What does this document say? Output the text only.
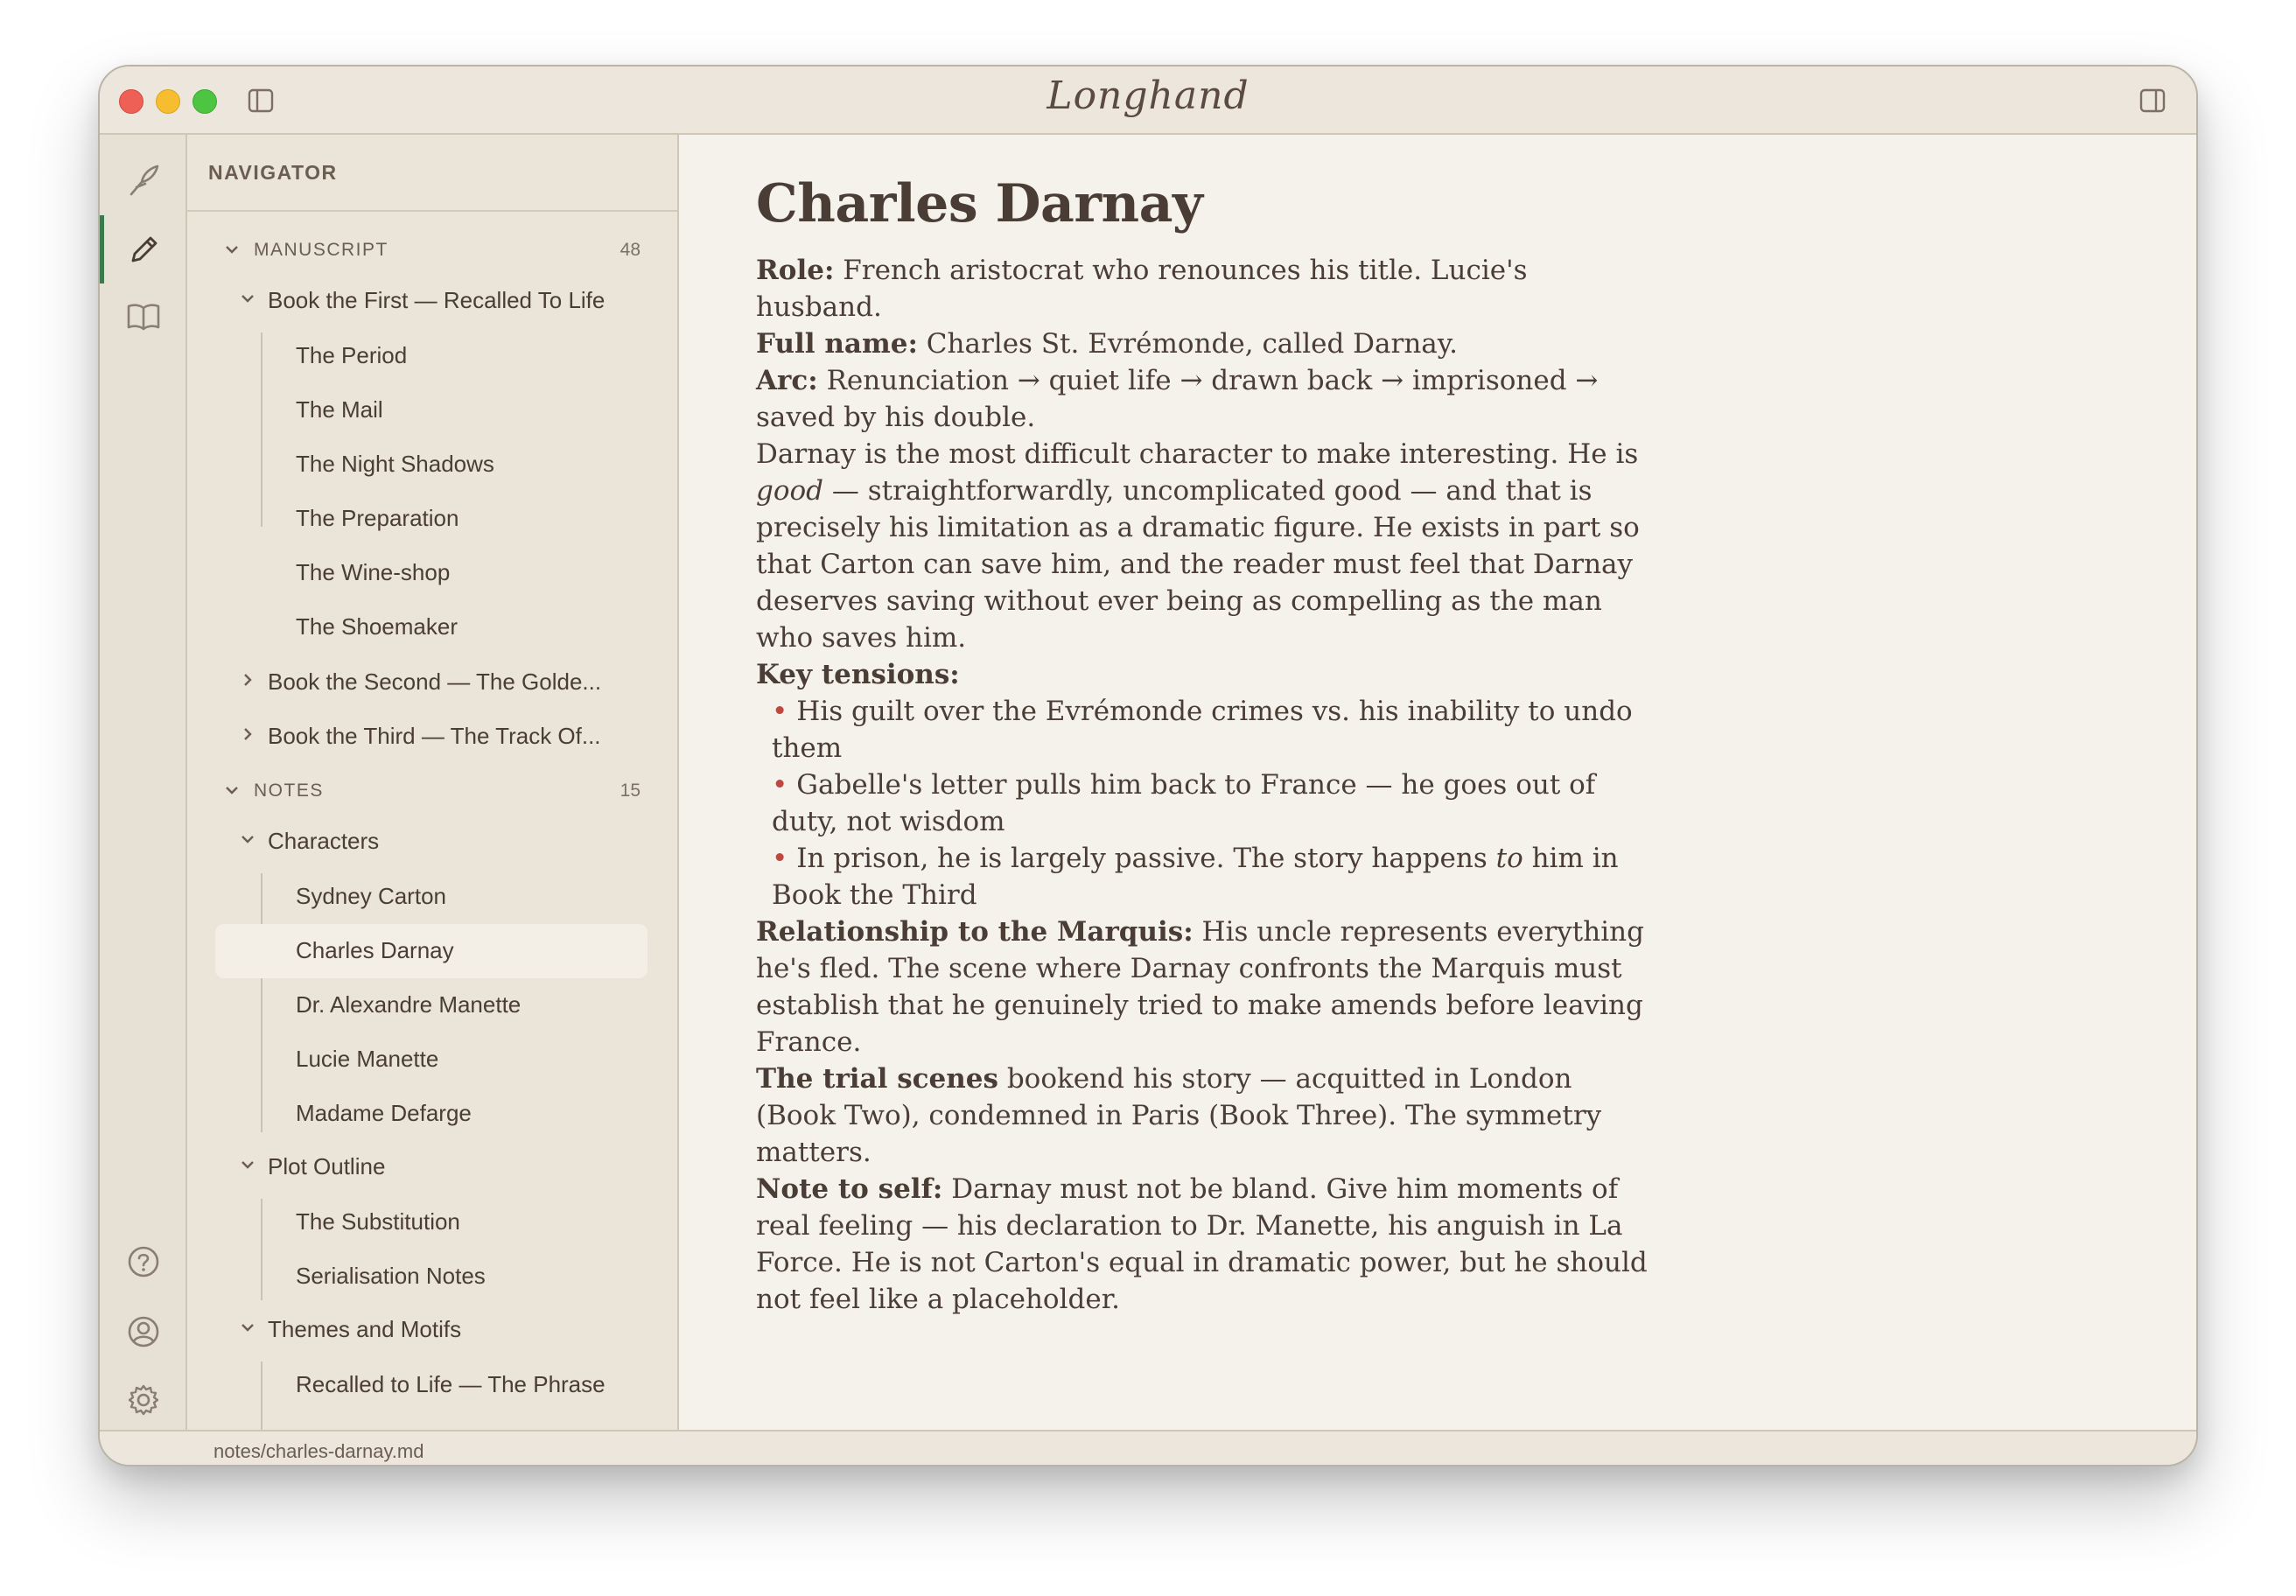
Longhand
NAVIGATOR
MANUSCRIPT	48
Book the First — Recalled To Life
The Period
The Mail
The Night Shadows
The Preparation
The Wine-shop
The Shoemaker
Book the Second — The Golde...
Book the Third — The Track Of...
NOTES	15
Characters
Sydney Carton
Charles Darnay
Dr. Alexandre Manette
Lucie Manette
Madame Defarge
Plot Outline
The Substitution
Serialisation Notes
Themes and Motifs
Recalled to Life — The Phrase
Charles Darnay

Role: French aristocrat who renounces his title. Lucie's husband.

Full name: Charles St. Evrémonde, called Darnay.

Arc: Renunciation → quiet life → drawn back → imprisoned → saved by his double.

Darnay is the most difficult character to make interesting. He is good — straightforwardly, uncomplicated good — and that is precisely his limitation as a dramatic figure. He exists in part so that Carton can save him, and the reader must feel that Darnay deserves saving without ever being as compelling as the man who saves him.

Key tensions:

• His guilt over the Evrémonde crimes vs. his inability to undo them

• Gabelle's letter pulls him back to France — he goes out of duty, not wisdom

• In prison, he is largely passive. The story happens to him in Book the Third

Relationship to the Marquis: His uncle represents everything he's fled. The scene where Darnay confronts the Marquis must establish that he genuinely tried to make amends before leaving France.

The trial scenes bookend his story — acquitted in London (Book Two), condemned in Paris (Book Three). The symmetry matters.

Note to self: Darnay must not be bland. Give him moments of real feeling — his declaration to Dr. Manette, his anguish in La Force. He is not Carton's equal in dramatic power, but he should not feel like a placeholder.

notes/charles-darnay.md
